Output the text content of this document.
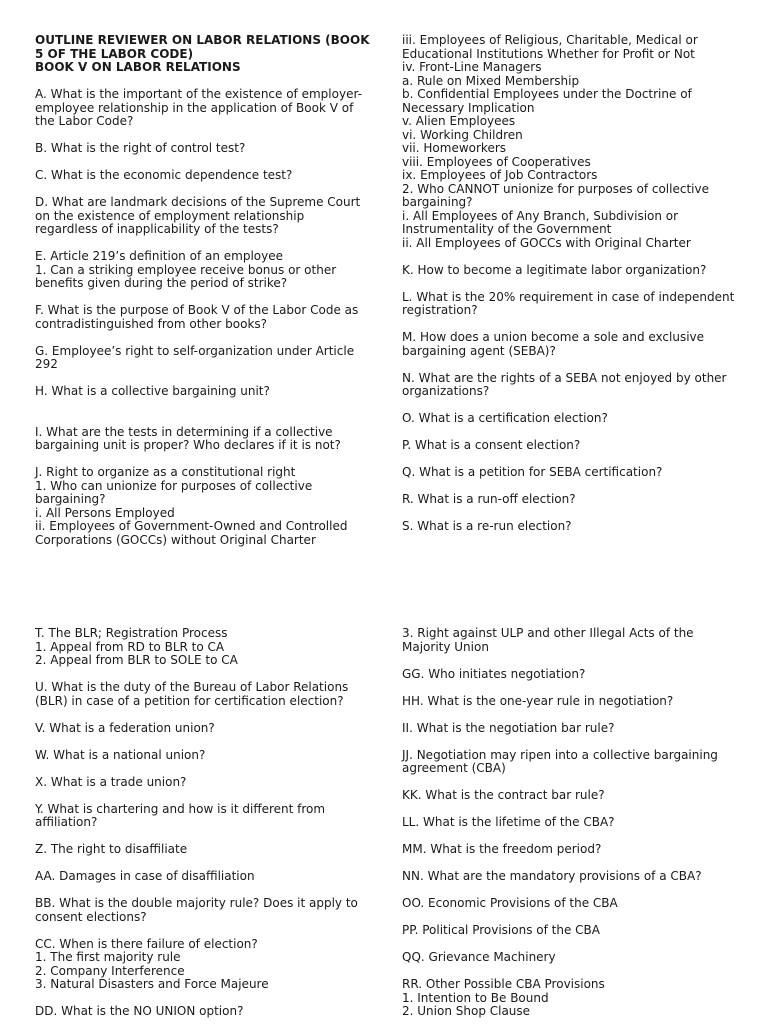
OUTLINE REVIEWER ON LABOR RELATIONS (BOOK
5 OF THE LABOR CODE)
BOOK V ON LABOR RELATIONS
A. What is the important of the existence of employer-employee relationship in the application of Book V of the Labor Code?
B. What is the right of control test?
C. What is the economic dependence test?
D. What are landmark decisions of the Supreme Court on the existence of employment relationship regardless of inapplicability of the tests?
E. Article 219’s definition of an employee
1. Can a striking employee receive bonus or other benefits given during the period of strike?
F. What is the purpose of Book V of the Labor Code as contradistinguished from other books?
G. Employee’s right to self-organization under Article 292
H. What is a collective bargaining unit?
I. What are the tests in determining if a collective bargaining unit is proper? Who declares if it is not?
J. Right to organize as a constitutional right
1. Who can unionize for purposes of collective bargaining?
i. All Persons Employed
ii. Employees of Government-Owned and Controlled Corporations (GOCCs) without Original Charter
iii. Employees of Religious, Charitable, Medical or Educational Institutions Whether for Profit or Not
iv. Front-Line Managers
a. Rule on Mixed Membership
b. Confidential Employees under the Doctrine of Necessary Implication
v. Alien Employees
vi. Working Children
vii. Homeworkers
viii. Employees of Cooperatives
ix. Employees of Job Contractors
2. Who CANNOT unionize for purposes of collective bargaining?
i. All Employees of Any Branch, Subdivision or Instrumentality of the Government
ii. All Employees of GOCCs with Original Charter
K. How to become a legitimate labor organization?
L. What is the 20% requirement in case of independent registration?
M. How does a union become a sole and exclusive bargaining agent (SEBA)?
N. What are the rights of a SEBA not enjoyed by other organizations?
O. What is a certification election?
P. What is a consent election?
Q. What is a petition for SEBA certification?
R. What is a run-off election?
S. What is a re-run election?
T. The BLR; Registration Process
1. Appeal from RD to BLR to CA
2. Appeal from BLR to SOLE to CA
U. What is the duty of the Bureau of Labor Relations (BLR) in case of a petition for certification election?
V. What is a federation union?
W. What is a national union?
X. What is a trade union?
Y. What is chartering and how is it different from affiliation?
Z. The right to disaffiliate
AA. Damages in case of disaffiliation
BB. What is the double majority rule? Does it apply to consent elections?
CC. When is there failure of election?
1. The first majority rule
2. Company Interference
3. Natural Disasters and Force Majeure
DD. What is the NO UNION option?
3. Right against ULP and other Illegal Acts of the Majority Union
GG. Who initiates negotiation?
HH. What is the one-year rule in negotiation?
II. What is the negotiation bar rule?
JJ. Negotiation may ripen into a collective bargaining agreement (CBA)
KK. What is the contract bar rule?
LL. What is the lifetime of the CBA?
MM. What is the freedom period?
NN. What are the mandatory provisions of a CBA?
OO. Economic Provisions of the CBA
PP. Political Provisions of the CBA
QQ. Grievance Machinery
RR. Other Possible CBA Provisions
1. Intention to Be Bound
2. Union Shop Clause
